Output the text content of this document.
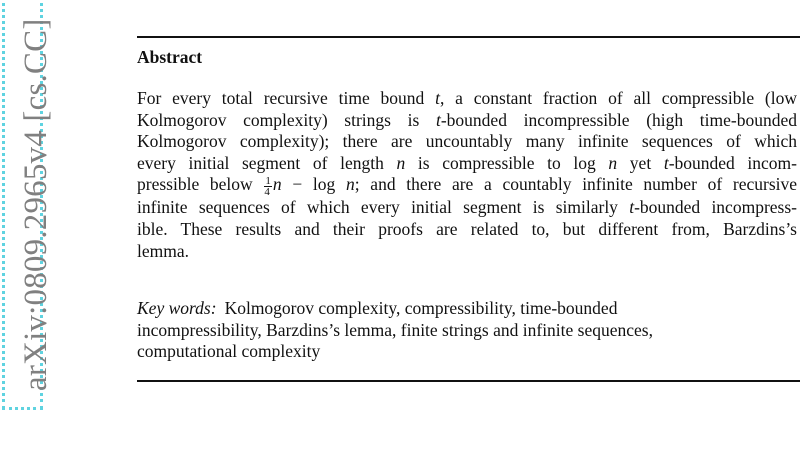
arXiv:0809.2965v4 [cs.CC]	Abstract
For every total recursive time bound t, a constant fraction of all compressible (low
Kolmogorov complexity) strings is t-bounded incompressible (high time-bounded
Kolmogorov complexity); there are uncountably many infinite sequences of which
every initial segment of length n is compressible to log n yet t-bounded incom-
pressible below $\frac{1}{4}$ n − log n; and there are a countably infinite number of recursive
infinite sequences of which every initial segment is similarly t-bounded incompress-
ible. These results and their proofs are related to, but different from, Barzdins’s
lemma.
Key words: Kolmogorov complexity, compressibility, time-bounded
incompressibility, Barzdins’s lemma, finite strings and infinite sequences,
computational complexity
